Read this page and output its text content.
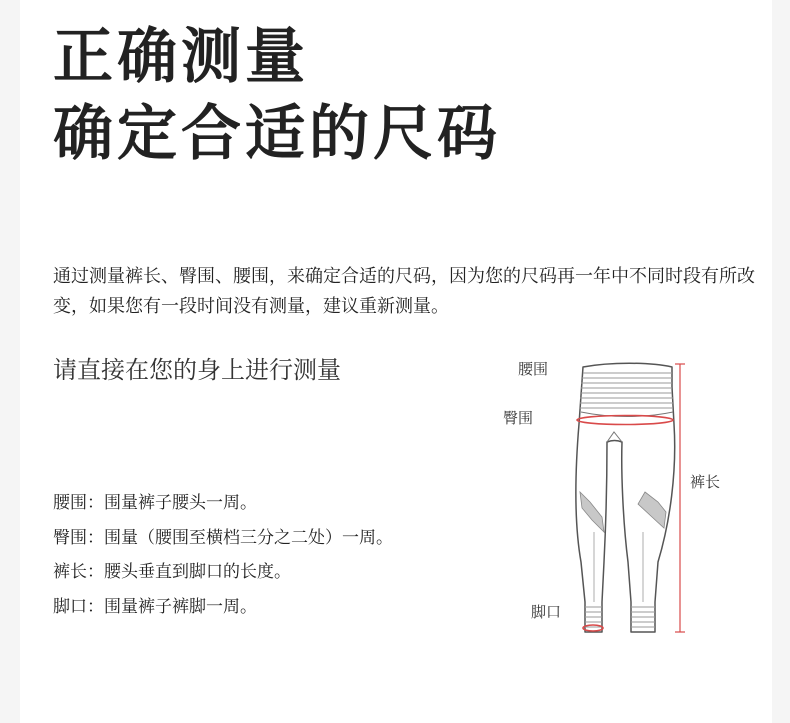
正确测量
确定合适的尺码

通过测量裤长、臀围、腰围，来确定合适的尺码，因为您的尺码再一年中不同时段有所改变，如果您有一段时间没有测量，建议重新测量。

请直接在您的身上进行测量
腰围：围量裤子腰头一周。
臀围：围量（腰围至横档三分之二处）一周。
裤长：腰头垂直到脚口的长度。
脚口：围量裤子裤脚一周。
腰围
臀围
裤长
脚口
